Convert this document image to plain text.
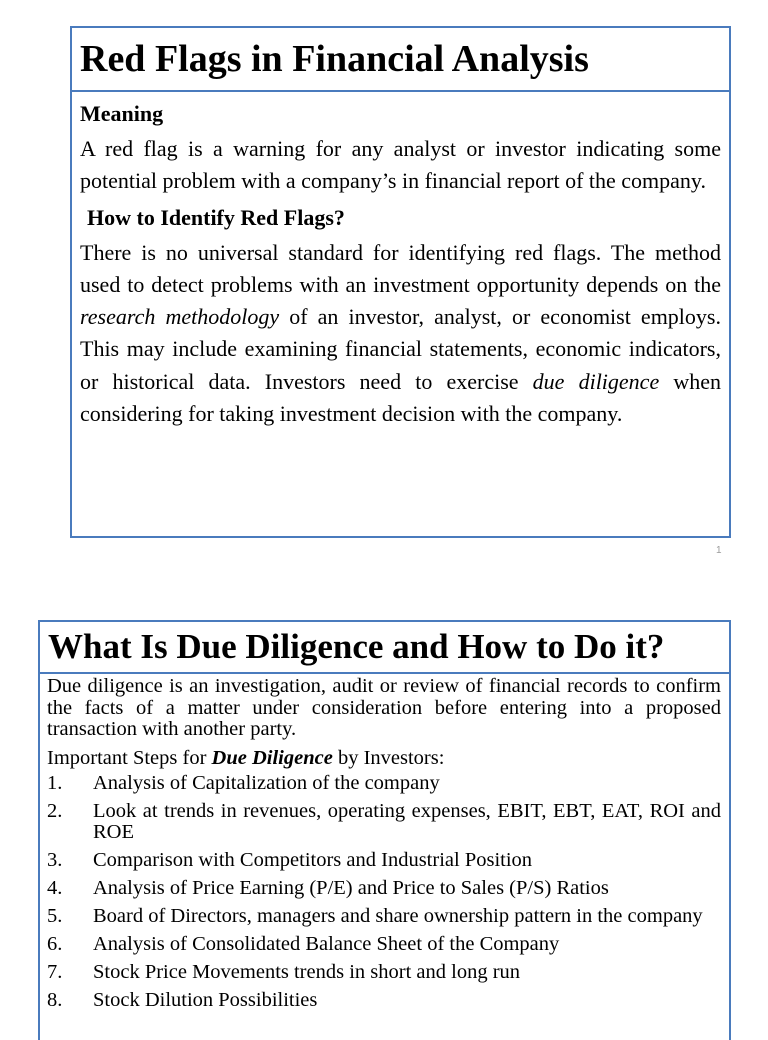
Red Flags in Financial Analysis

Meaning

A red flag is a warning for any analyst or investor indicating some potential problem with a company’s in financial report of the company.

How to Identify Red Flags?

There is no universal standard for identifying red flags. The method used to detect problems with an investment opportunity depends on the research methodology of an investor, analyst, or economist employs. This may include examining financial statements, economic indicators, or historical data. Investors need to exercise due diligence when considering for taking investment decision with the company.

1
What Is Due Diligence and How to Do it?

Due diligence is an investigation, audit or review of financial records to confirm the facts of a matter under consideration before entering into a proposed transaction with another party.

Important Steps for Due Diligence by Investors:

1.	Analysis of Capitalization of the company
2.	Look at trends in revenues, operating expenses, EBIT, EBT, EAT, ROI and ROE
3.	Comparison with Competitors and Industrial Position
4.	Analysis of Price Earning (P/E) and Price to Sales (P/S) Ratios
5.	Board of Directors, managers and share ownership pattern in the company
6.	Analysis of Consolidated Balance Sheet of the Company
7.	Stock Price Movements trends in short and long run
8.	Stock Dilution Possibilities
